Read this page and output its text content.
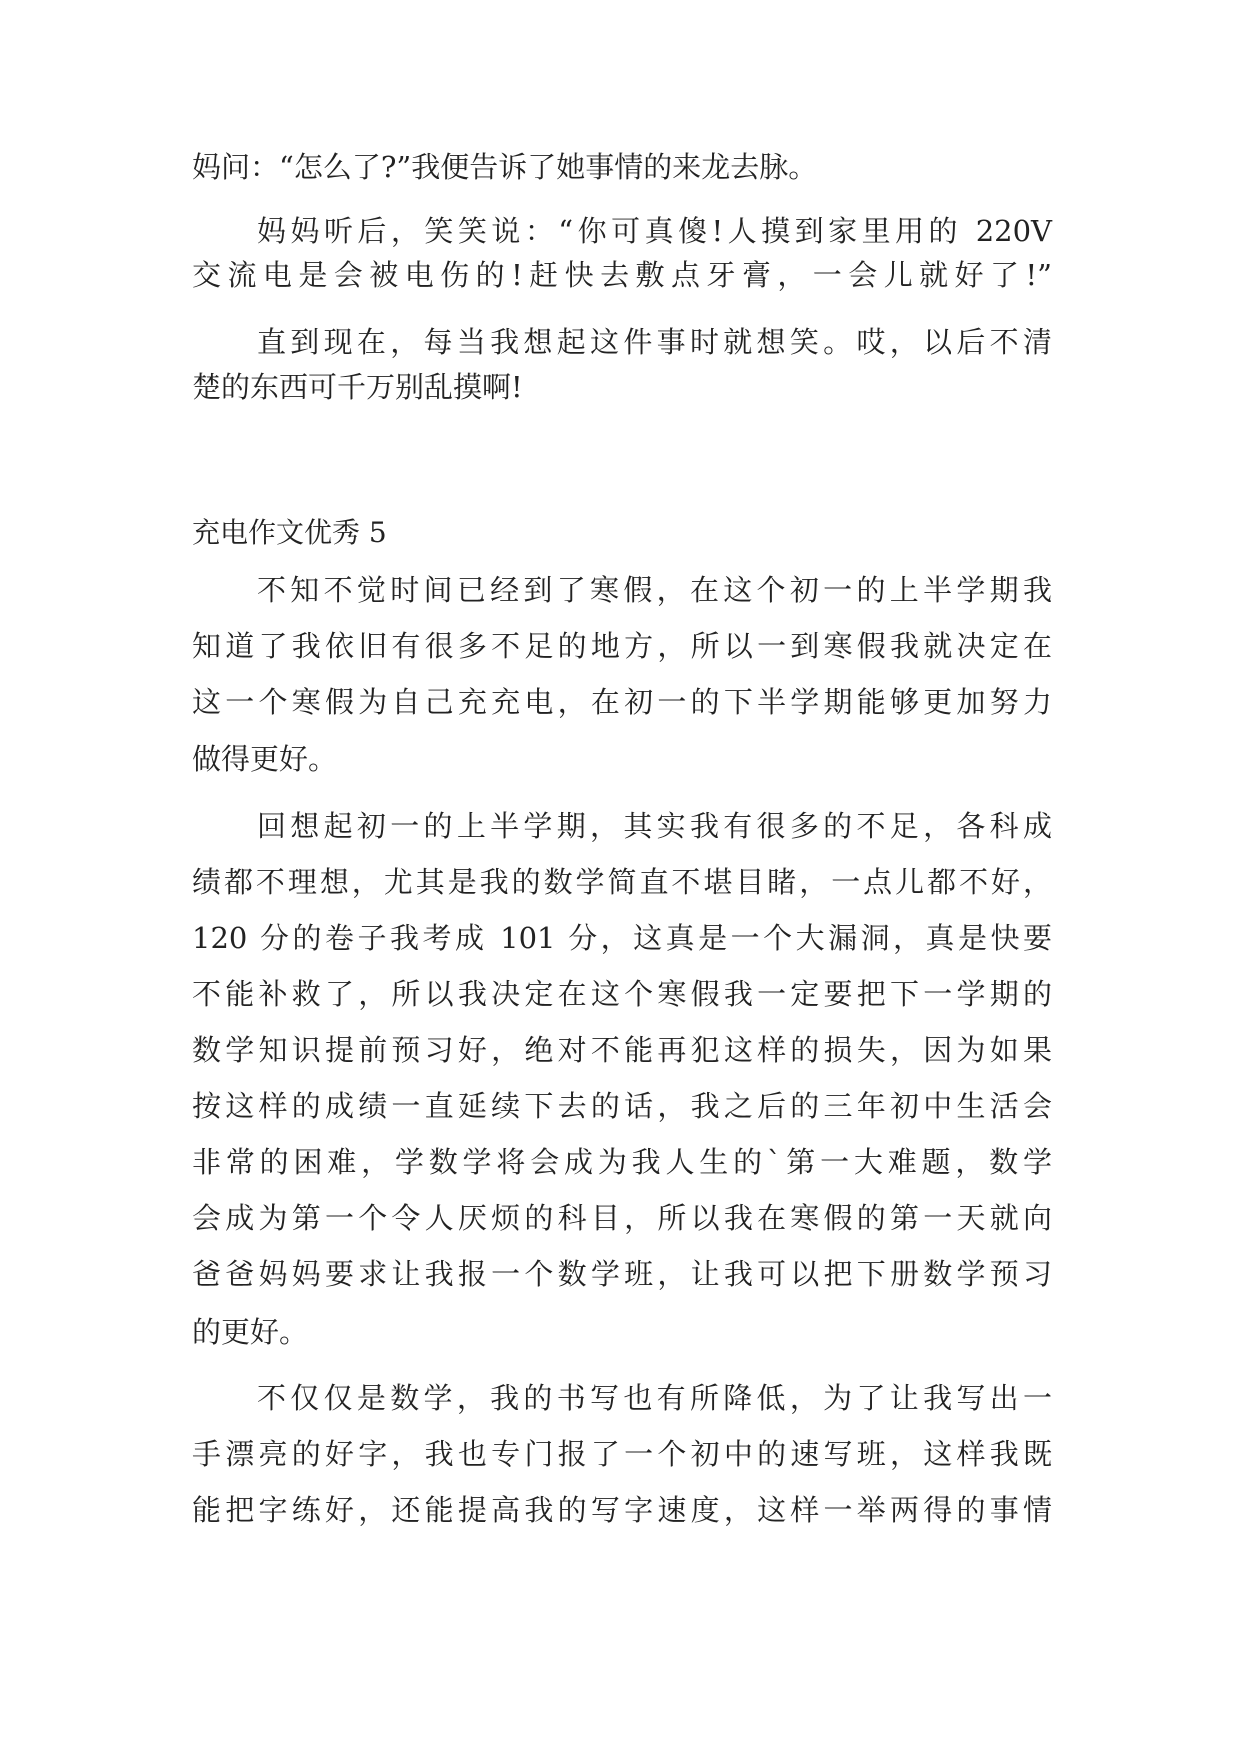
妈问：“怎么了?”我便告诉了她事情的来龙去脉。
妈妈听后，笑笑说：“你可真傻!人摸到家里用的 220V
交流电是会被电伤的!赶快去敷点牙膏，一会儿就好了!”
直到现在，每当我想起这件事时就想笑。哎，以后不清
楚的东西可千万别乱摸啊!
充电作文优秀 5
不知不觉时间已经到了寒假，在这个初一的上半学期我
知道了我依旧有很多不足的地方，所以一到寒假我就决定在
这一个寒假为自己充充电，在初一的下半学期能够更加努力
做得更好。
回想起初一的上半学期，其实我有很多的不足，各科成
绩都不理想，尤其是我的数学简直不堪目睹，一点儿都不好，
120 分的卷子我考成 101 分，这真是一个大漏洞，真是快要
不能补救了，所以我决定在这个寒假我一定要把下一学期的
数学知识提前预习好，绝对不能再犯这样的损失，因为如果
按这样的成绩一直延续下去的话，我之后的三年初中生活会
非常的困难，学数学将会成为我人生的`第一大难题，数学
会成为第一个令人厌烦的科目，所以我在寒假的第一天就向
爸爸妈妈要求让我报一个数学班，让我可以把下册数学预习
的更好。
不仅仅是数学，我的书写也有所降低，为了让我写出一
手漂亮的好字，我也专门报了一个初中的速写班，这样我既
能把字练好，还能提高我的写字速度，这样一举两得的事情
